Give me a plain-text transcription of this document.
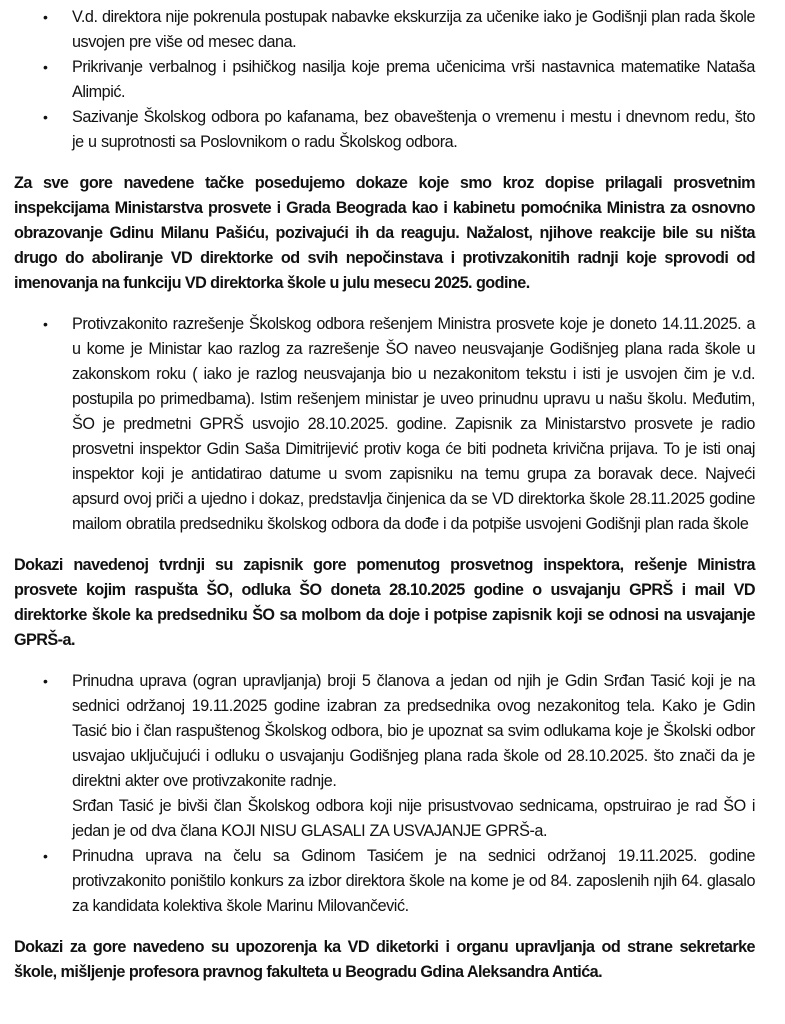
• V.d. direktora nije pokrenula postupak nabavke ekskurzija za učenike iako je Godišnji plan rada škole usvojen pre više od mesec dana.
• Prikrivanje verbalnog i psihičkog nasilja koje prema učenicima vrši nastavnica matematike Nataša Alimpić.
• Sazivanje Školskog odbora po kafanama, bez obaveštenja o vremenu i mestu i dnevnom redu, što je u suprotnosti sa Poslovnikom o radu Školskog odbora.

Za sve gore navedene tačke posedujemo dokaze koje smo kroz dopise prilagali prosvetnim inspekcijama Ministarstva prosvete i Grada Beograda kao i kabinetu pomoćnika Ministra za osnovno obrazovanje Gdinu Milanu Pašiću, pozivajući ih da reaguju. Nažalost, njihove reakcije bile su ništa drugo do aboliranje VD direktorke od svih nepočinstava i protivzakonitih radnji koje sprovodi od imenovanja na funkciju VD direktorka škole u julu mesecu 2025. godine.

• Protivzakonito razrešenje Školskog odbora rešenjem Ministra prosvete koje je doneto 14.11.2025. a u kome je Ministar kao razlog za razrešenje ŠO naveo neusvajanje Godišnjeg plana rada škole u zakonskom roku ( iako je razlog neusvajanja bio u nezakonitom tekstu i isti je usvojen čim je v.d. postupila po primedbama). Istim rešenjem ministar je uveo prinudnu upravu u našu školu. Međutim, ŠO je predmetni GPRŠ usvojio 28.10.2025. godine. Zapisnik za Ministarstvo prosvete je radio prosvetni inspektor Gdin Saša Dimitrijević protiv koga će biti podneta krivična prijava. To je isti onaj inspektor koji je antidatirao datume u svom zapisniku na temu grupa za boravak dece. Najveći apsurd ovoj priči a ujedno i dokaz, predstavlja činjenica da se VD direktorka škole 28.11.2025 godine mailom obratila predsedniku školskog odbora da dođe i da potpiše usvojeni Godišnji plan rada škole

Dokazi navedenoj tvrdnji su zapisnik gore pomenutog prosvetnog inspektora, rešenje Ministra prosvete kojim raspušta ŠO, odluka ŠO doneta 28.10.2025 godine o usvajanju GPRŠ i mail VD direktorke škole ka predsedniku ŠO sa molbom da doje i potpise zapisnik koji se odnosi na usvajanje GPRŠ-a.

• Prinudna uprava (ogran upravljanja) broji 5 članova a jedan od njih je Gdin Srđan Tasić koji je na sednici održanoj 19.11.2025 godine izabran za predsednika ovog nezakonitog tela. Kako je Gdin Tasić bio i član raspuštenog Školskog odbora, bio je upoznat sa svim odlukama koje je Školski odbor usvajao uključujući i odluku o usvajanju Godišnjeg plana rada škole od 28.10.2025. što znači da je direktni akter ove protivzakonite radnje.
Srđan Tasić je bivši član Školskog odbora koji nije prisustvovao sednicama, opstruirao je rad ŠO i jedan je od dva člana KOJI NISU GLASALI ZA USVAJANJE GPRŠ-a.
• Prinudna uprava na čelu sa Gdinom Tasićem je na sednici održanoj 19.11.2025. godine protivzakonito poništilo konkurs za izbor direktora škole na kome je od 84. zaposlenih njih 64. glasalo za kandidata kolektiva škole Marinu Milovančević.

Dokazi za gore navedeno su upozorenja ka VD diketorki i organu upravljanja od strane sekretarke škole, mišljenje profesora pravnog fakulteta u Beogradu Gdina Aleksandra Antića.
